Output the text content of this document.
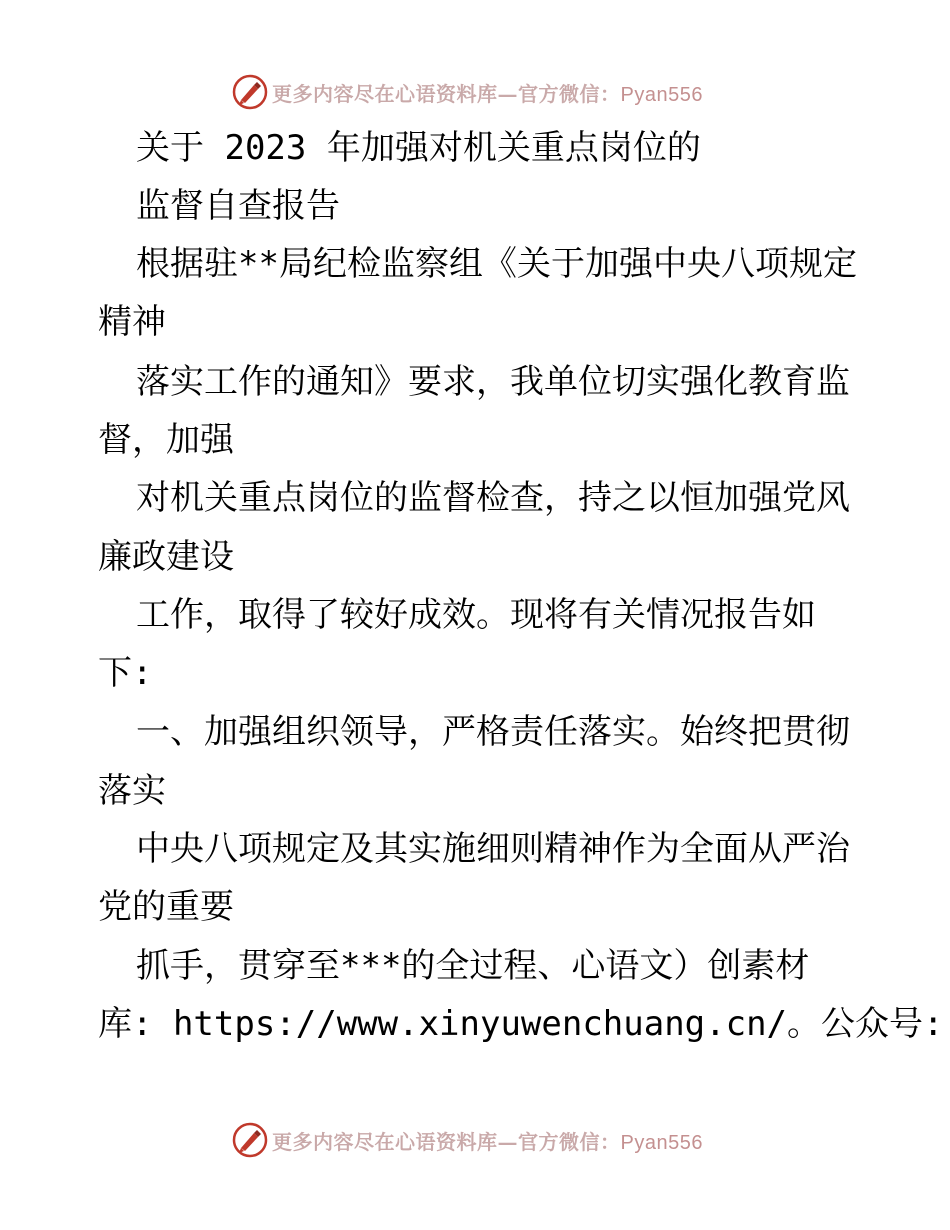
更多内容尽在心语资料库—官方微信：Pyan556
关于 2023 年加强对机关重点岗位的
监督自查报告
根据驻**局纪检监察组《关于加强中央八项规定
精神
落实工作的通知》要求，我单位切实强化教育监
督，加强
对机关重点岗位的监督检查，持之以恒加强党风
廉政建设
工作，取得了较好成效。现将有关情况报告如
下:
一、加强组织领导，严格责任落实。始终把贯彻
落实
中央八项规定及其实施细则精神作为全面从严治
党的重要
抓手，贯穿至***的全过程、心语文）创素材
库: https://www.xinyuwenchuang.cn/。公众号:
更多内容尽在心语资料库—官方微信：Pyan556
